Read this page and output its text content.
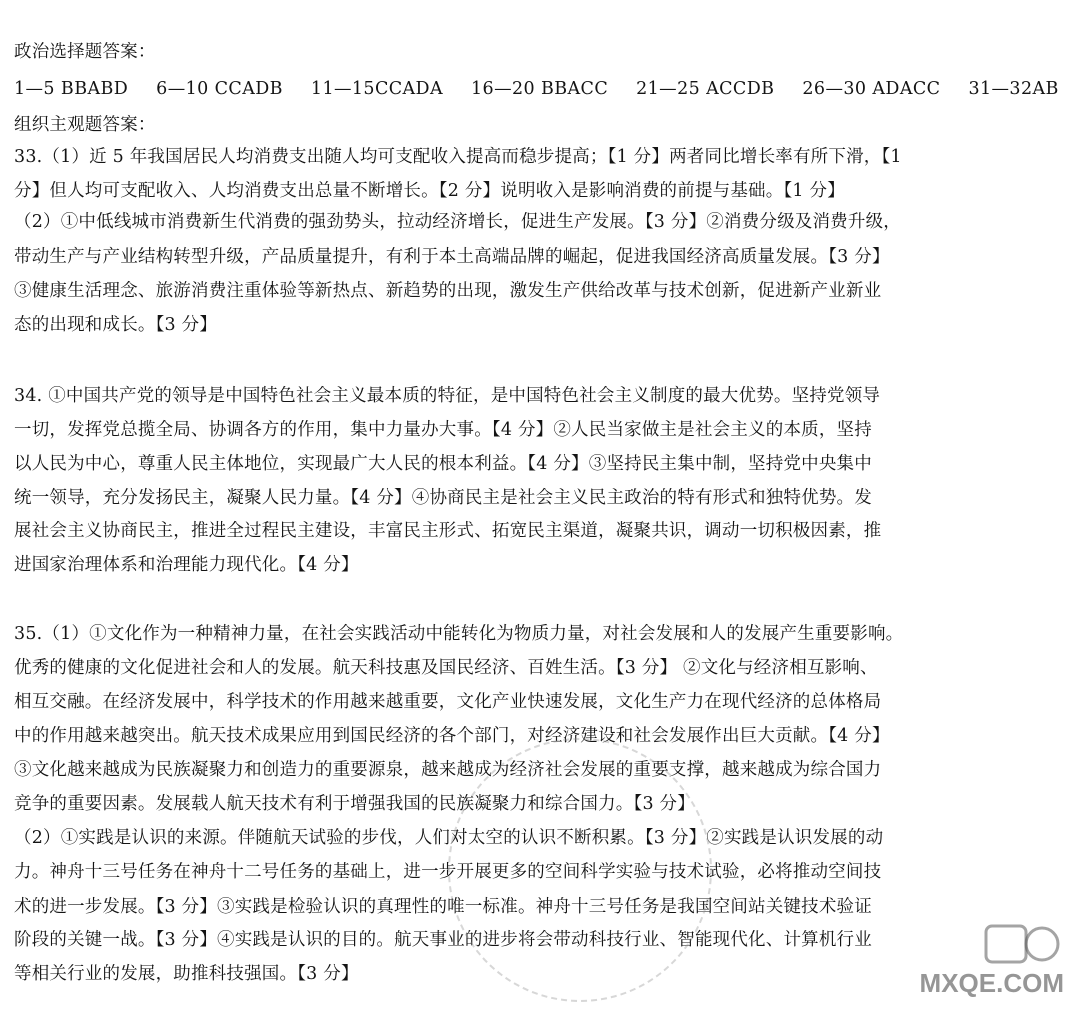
政治选择题答案：
1—5 BBABD 6—10 CCADB 11—15CCADA 16—20 BBACC 21—25 ACCDB 26—30 ADACC 31—32AB
组织主观题答案：
33.（1）近 5 年我国居民人均消费支出随人均可支配收入提高而稳步提高；【1 分】两者同比增长率有所下滑，【1
分】但人均可支配收入、人均消费支出总量不断增长。【2 分】说明收入是影响消费的前提与基础。【1 分】
（2）①中低线城市消费新生代消费的强劲势头，拉动经济增长，促进生产发展。【3 分】②消费分级及消费升级，
带动生产与产业结构转型升级，产品质量提升，有利于本土高端品牌的崛起，促进我国经济高质量发展。【3 分】
③健康生活理念、旅游消费注重体验等新热点、新趋势的出现，激发生产供给改革与技术创新，促进新产业新业
态的出现和成长。【3 分】
34. ①中国共产党的领导是中国特色社会主义最本质的特征，是中国特色社会主义制度的最大优势。坚持党领导
一切，发挥党总揽全局、协调各方的作用，集中力量办大事。【4 分】②人民当家做主是社会主义的本质，坚持
以人民为中心，尊重人民主体地位，实现最广大人民的根本利益。【4 分】③坚持民主集中制，坚持党中央集中
统一领导，充分发扬民主，凝聚人民力量。【4 分】④协商民主是社会主义民主政治的特有形式和独特优势。发
展社会主义协商民主，推进全过程民主建设，丰富民主形式、拓宽民主渠道，凝聚共识，调动一切积极因素，推
进国家治理体系和治理能力现代化。【4 分】
35.（1）①文化作为一种精神力量，在社会实践活动中能转化为物质力量，对社会发展和人的发展产生重要影响。
优秀的健康的文化促进社会和人的发展。航天科技惠及国民经济、百姓生活。【3 分】 ②文化与经济相互影响、
相互交融。在经济发展中，科学技术的作用越来越重要，文化产业快速发展，文化生产力在现代经济的总体格局
中的作用越来越突出。航天技术成果应用到国民经济的各个部门，对经济建设和社会发展作出巨大贡献。【4 分】
③文化越来越成为民族凝聚力和创造力的重要源泉，越来越成为经济社会发展的重要支撑，越来越成为综合国力
竞争的重要因素。发展载人航天技术有利于增强我国的民族凝聚力和综合国力。【3 分】
（2）①实践是认识的来源。伴随航天试验的步伐，人们对太空的认识不断积累。【3 分】②实践是认识发展的动
力。神舟十三号任务在神舟十二号任务的基础上，进一步开展更多的空间科学实验与技术试验，必将推动空间技
术的进一步发展。【3 分】③实践是检验认识的真理性的唯一标准。神舟十三号任务是我国空间站关键技术验证
阶段的关键一战。【3 分】④实践是认识的目的。航天事业的进步将会带动科技行业、智能现代化、计算机行业
等相关行业的发展，助推科技强国。【3 分】	MXQE.COM
